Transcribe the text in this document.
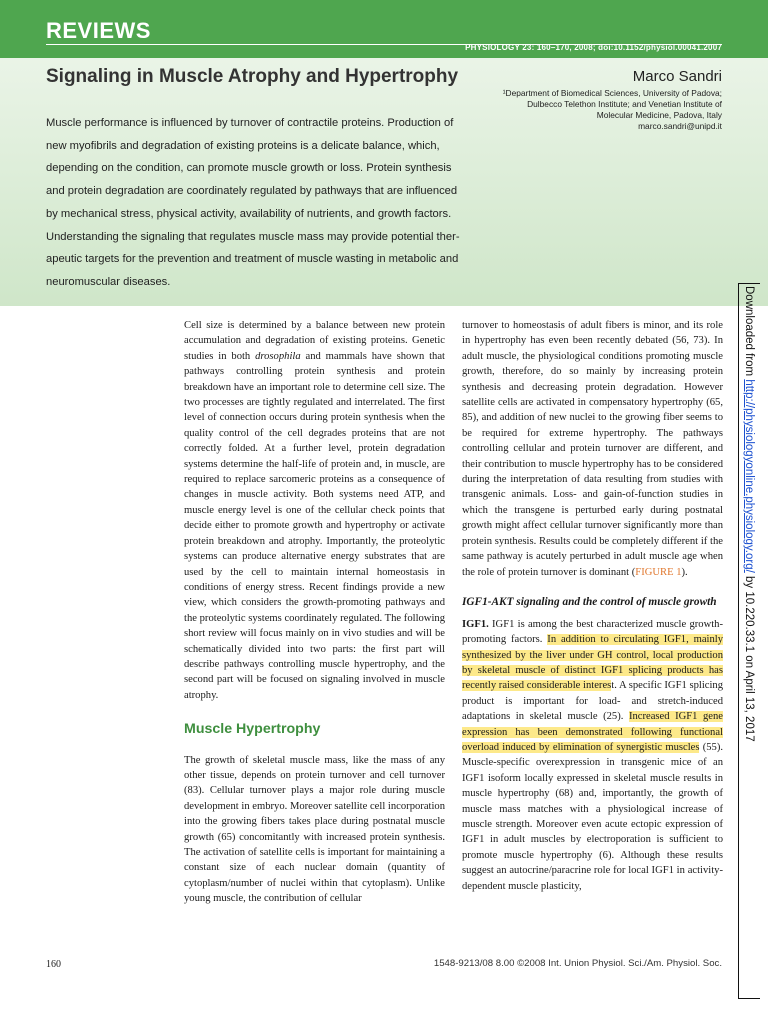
REVIEWS
PHYSIOLOGY 23: 160–170, 2008; doi:10.1152/physiol.00041.2007
Signaling in Muscle Atrophy and Hypertrophy	Marco Sandri
¹Department of Biomedical Sciences, University of Padova;
Dulbecco Telethon Institute; and Venetian Institute of
Molecular Medicine, Padova, Italy
marco.sandri@unipd.it
Muscle performance is influenced by turnover of contractile proteins. Production of
new myofibrils and degradation of existing proteins is a delicate balance, which,
depending on the condition, can promote muscle growth or loss. Protein synthesis
and protein degradation are coordinately regulated by pathways that are influenced
by mechanical stress, physical activity, availability of nutrients, and growth factors.
Understanding the signaling that regulates muscle mass may provide potential ther-
apeutic targets for the prevention and treatment of muscle wasting in metabolic and
neuromuscular diseases.
Downloaded from http://physiologyonline.physiology.org/ by 10.220.33.1 on April 13, 2017

Cell size is determined by a balance between new protein accumulation and degradation of existing proteins. Genetic studies in both drosophila and mammals have shown that pathways controlling protein synthesis and protein breakdown have an important role to determine cell size. The two processes are tightly regulated and interrelated. The first level of connection occurs during protein synthesis when the quality control of the cell degrades proteins that are not correctly folded. At a further level, protein degradation systems determine the half-life of protein and, in muscle, are required to replace sarcomeric proteins as a consequence of changes in muscle activity. Both systems need ATP, and muscle energy level is one of the cellular check points that decide either to promote growth and hypertrophy or activate protein breakdown and atrophy. Importantly, the proteolytic systems can produce alternative energy substrates that are used by the cell to maintain internal homeostasis in conditions of energy stress. Recent findings provide a new view, which considers the growth-promoting pathways and the proteolytic systems coordinately regulated. The following short review will focus mainly on in vivo studies and will be schematically divided into two parts: the first part will describe pathways controlling muscle hypertrophy, and the second part will be focused on signaling involved in muscle atrophy.

Muscle Hypertrophy

The growth of skeletal muscle mass, like the mass of any other tissue, depends on protein turnover and cell turnover (83). Cellular turnover plays a major role during muscle development in embryo. Moreover satellite cell incorporation into the growing fibers takes place during postnatal muscle growth (65) concomitantly with increased protein synthesis. The activation of satellite cells is important for maintaining a constant size of each nuclear domain (quantity of cytoplasm/number of nuclei within that cytoplasm). Unlike young muscle, the contribution of cellular

turnover to homeostasis of adult fibers is minor, and its role in hypertrophy has even been recently debated (56, 73). In adult muscle, the physiological conditions promoting muscle growth, therefore, do so mainly by increasing protein synthesis and decreasing protein degradation. However satellite cells are activated in compensatory hypertrophy (65, 85), and addition of new nuclei to the growing fiber seems to be required for extreme hypertrophy. The pathways controlling cellular and protein turnover are different, and their contribution to muscle hypertrophy has to be considered during the interpretation of data resulting from studies with transgenic animals. Loss- and gain-of-function studies in which the transgene is perturbed early during postnatal growth might affect cellular turnover significantly more than protein synthesis. Results could be completely different if the same pathway is acutely perturbed in adult muscle age when the role of protein turnover is dominant (FIGURE 1).

IGF1-AKT signaling and the control of muscle growth

IGF1. IGF1 is among the best characterized muscle growth-promoting factors. In addition to circulating IGF1, mainly synthesized by the liver under GH control, local production by skeletal muscle of distinct IGF1 splicing products has recently raised considerable interest. A specific IGF1 splicing product is important for load- and stretch-induced adaptations in skeletal muscle (25). Increased IGF1 gene expression has been demonstrated following functional overload induced by elimination of synergistic muscles (55). Muscle-specific overexpression in transgenic mice of an IGF1 isoform locally expressed in skeletal muscle results in muscle hypertrophy (68) and, importantly, the growth of muscle mass matches with a physiological increase of muscle strength. Moreover even acute ectopic expression of IGF1 in adult muscles by electroporation is sufficient to promote muscle hypertrophy (6). Although these results suggest an autocrine/paracrine role for local IGF1 in activity-dependent muscle plasticity,

160	1548-9213/08 8.00 ©2008 Int. Union Physiol. Sci./Am. Physiol. Soc.
